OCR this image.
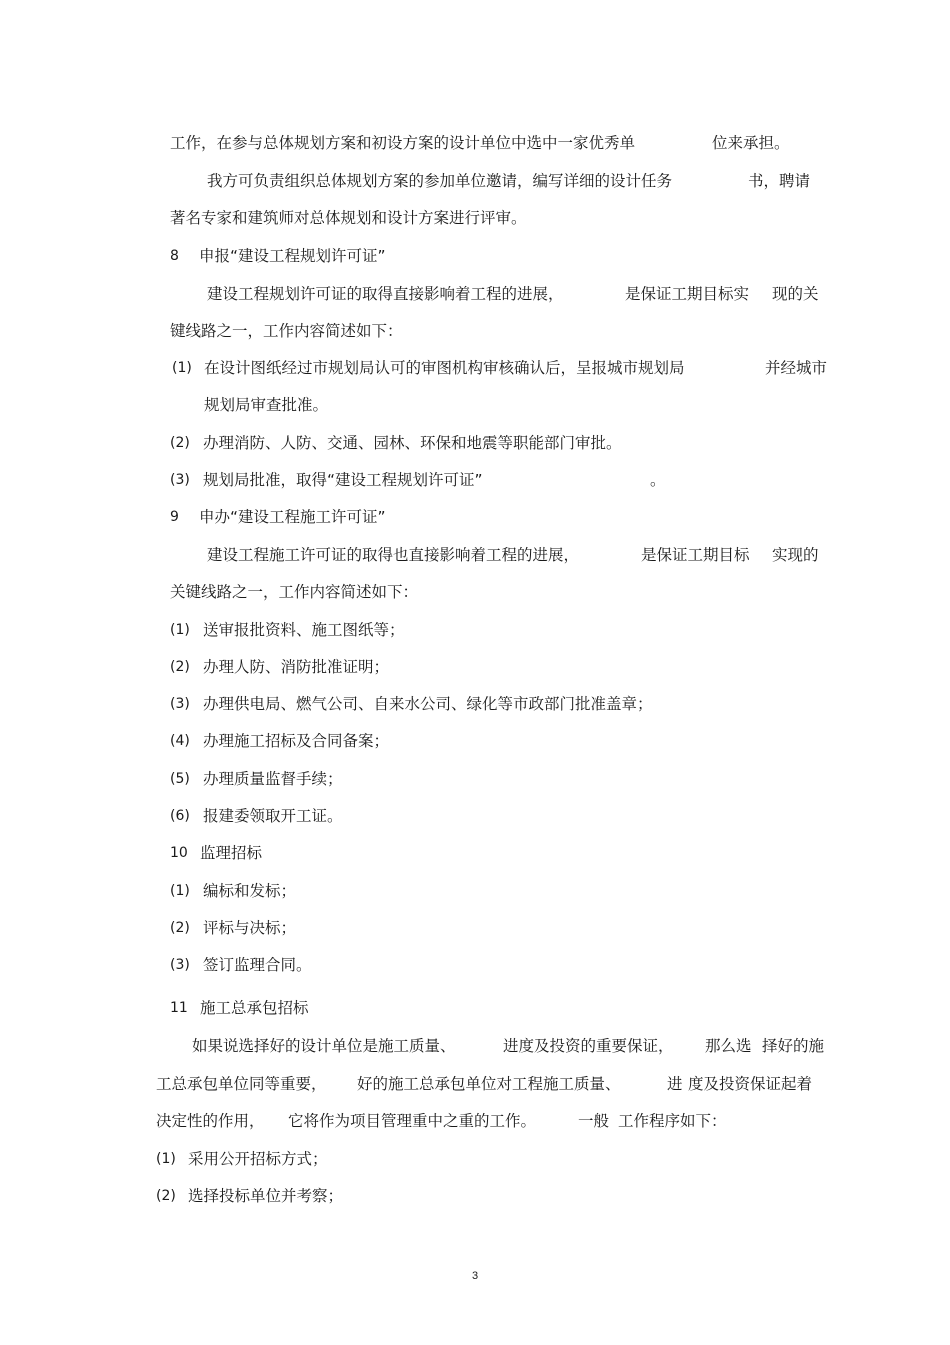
工作，在参与总体规划方案和初设方案的设计单位中选中一家优秀单	位来承担。
我方可负责组织总体规划方案的参加单位邀请，编写详细的设计任务	书，聘请
著名专家和建筑师对总体规划和设计方案进行评审。
8 申报“建设工程规划许可证”
建设工程规划许可证的取得直接影响着工程的进展，	是保证工期目标实 现的关
键线路之一，工作内容简述如下：
(1) 在设计图纸经过市规划局认可的审图机构审核确认后，呈报城市规划局	并经城市
规划局审查批准。
(2) 办理消防、人防、交通、园林、环保和地震等职能部门审批。
(3) 规划局批准，取得“建设工程规划许可证”	。
9 申办“建设工程施工许可证”
建设工程施工许可证的取得也直接影响着工程的进展，	是保证工期目标 实现的
关键线路之一，工作内容简述如下：
(1) 送审报批资料、施工图纸等；
(2) 办理人防、消防批准证明；
(3) 办理供电局、燃气公司、自来水公司、绿化等市政部门批准盖章；
(4) 办理施工招标及合同备案；
(5) 办理质量监督手续；
(6) 报建委领取开工证。
10 监理招标
(1) 编标和发标；
(2) 评标与决标；
(3) 签订监理合同。
11 施工总承包招标
如果说选择好的设计单位是施工质量、	进度及投资的重要保证， 那么选 择好的施
工总承包单位同等重要， 好的施工总承包单位对工程施工质量、	进 度及投资保证起着
决定性的作用， 它将作为项目管理重中之重的工作。	一般 工作程序如下：
(1) 采用公开招标方式；
(2) 选择投标单位并考察；
3
